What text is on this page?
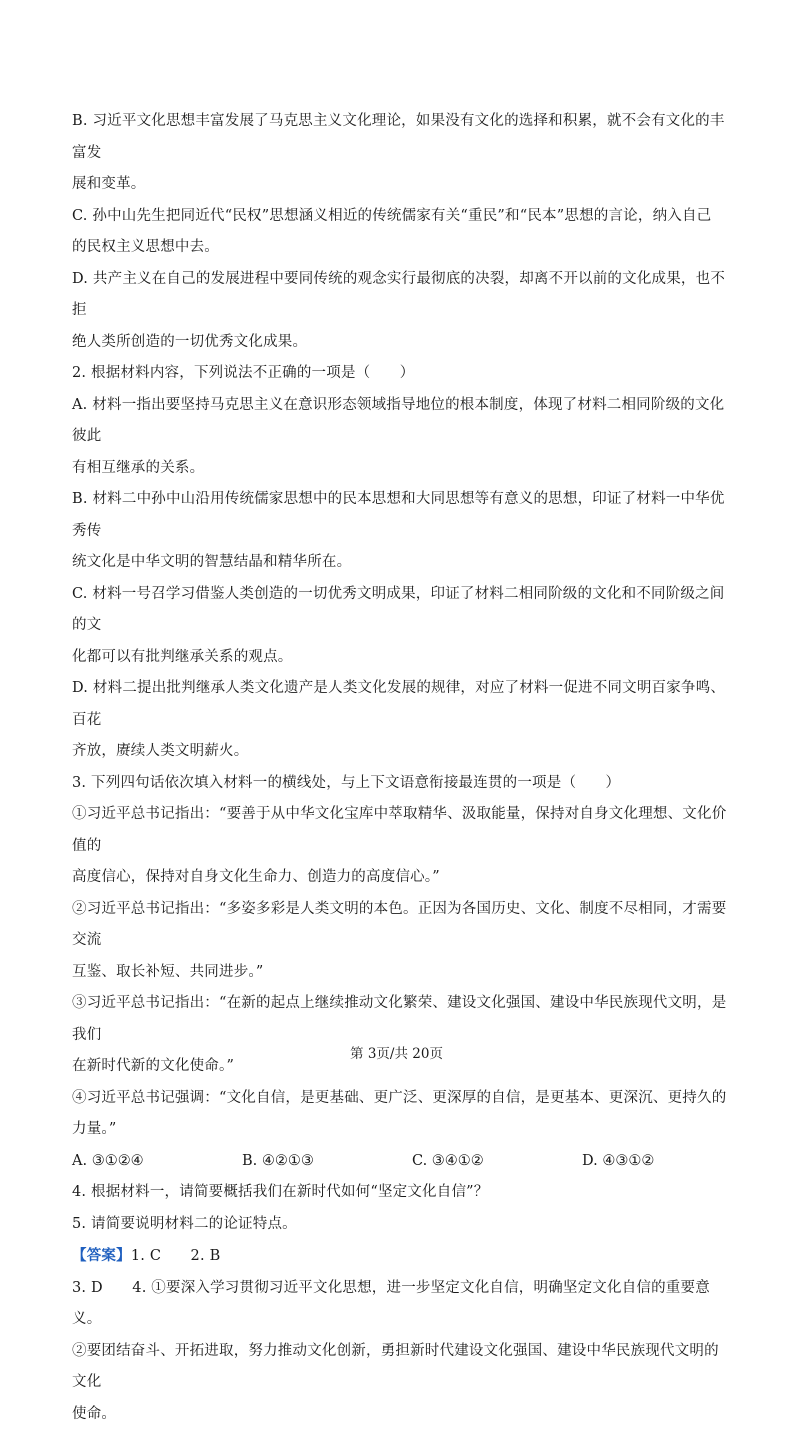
B. 习近平文化思想丰富发展了马克思主义文化理论，如果没有文化的选择和积累，就不会有文化的丰富发

展和变革。

C. 孙中山先生把同近代“民权”思想涵义相近的传统儒家有关“重民”和“民本”思想的言论，纳入自己

的民权主义思想中去。

D. 共产主义在自己的发展进程中要同传统的观念实行最彻底的决裂，却离不开以前的文化成果，也不拒

绝人类所创造的一切优秀文化成果。

2. 根据材料内容，下列说法不正确的一项是（　　）

A. 材料一指出要坚持马克思主义在意识形态领域指导地位的根本制度，体现了材料二相同阶级的文化彼此

有相互继承的关系。

B. 材料二中孙中山沿用传统儒家思想中的民本思想和大同思想等有意义的思想，印证了材料一中华优秀传

统文化是中华文明的智慧结晶和精华所在。

C. 材料一号召学习借鉴人类创造的一切优秀文明成果，印证了材料二相同阶级的文化和不同阶级之间的文

化都可以有批判继承关系的观点。

D. 材料二提出批判继承人类文化遗产是人类文化发展的规律，对应了材料一促进不同文明百家争鸣、百花

齐放，赓续人类文明薪火。

3. 下列四句话依次填入材料一的横线处，与上下文语意衔接最连贯的一项是（　　）

①习近平总书记指出：“要善于从中华文化宝库中萃取精华、汲取能量，保持对自身文化理想、文化价值的

高度信心，保持对自身文化生命力、创造力的高度信心。”

②习近平总书记指出：“多姿多彩是人类文明的本色。正因为各国历史、文化、制度不尽相同，才需要交流

互鉴、取长补短、共同进步。”

③习近平总书记指出：“在新的起点上继续推动文化繁荣、建设文化强国、建设中华民族现代文明，是我们

在新时代新的文化使命。”

④习近平总书记强调：“文化自信，是更基础、更广泛、更深厚的自信，是更基本、更深沉、更持久的力量。”

A. ③①②④	B. ④②①③	C. ③④①②	D. ④③①②

4. 根据材料一，请简要概括我们在新时代如何“坚定文化自信”？

5. 请简要说明材料二的论证特点。

【答案】1. C　　2. B

3. D　　4. ①要深入学习贯彻习近平文化思想，进一步坚定文化自信，明确坚定文化自信的重要意义。

②要团结奋斗、开拓进取，努力推动文化创新，勇担新时代建设文化强国、建设中华民族现代文明的文化

使命。

第 3页/共 20页
